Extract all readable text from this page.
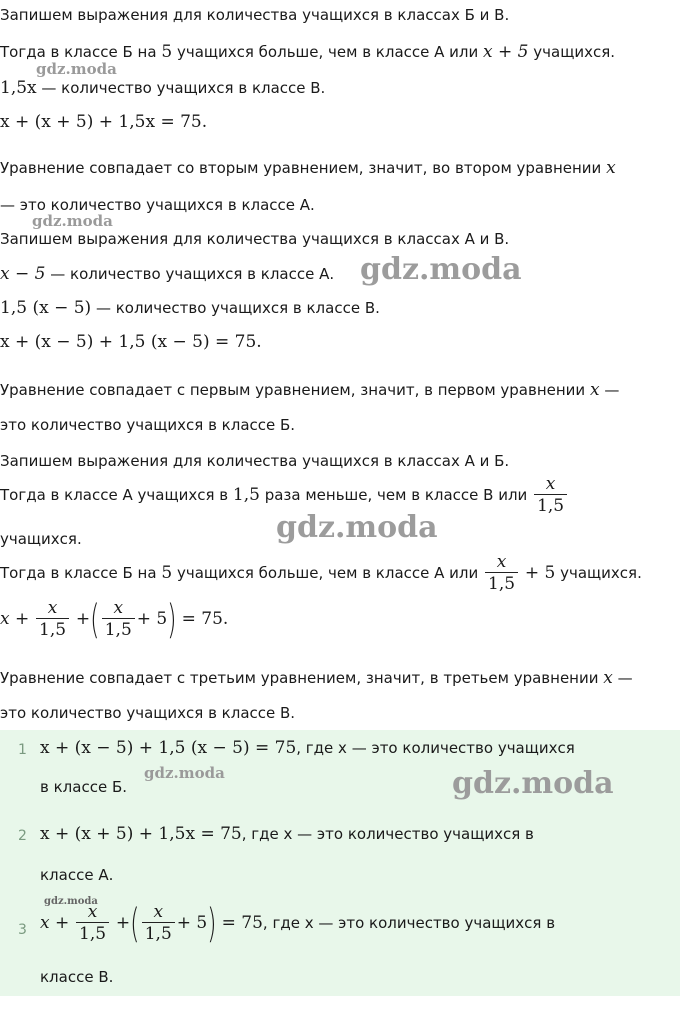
Запишем выражения для количества учащихся в классах Б и В.
Тогда в классе Б на 5 учащихся больше, чем в классе А или x + 5 учащихся.
1,5x — количество учащихся в классе В.
x + (x + 5) + 1,5x = 75.
Уравнение совпадает со вторым уравнением, значит, во втором уравнении x
— это количество учащихся в классе А.
Запишем выражения для количества учащихся в классах А и В.
x − 5 — количество учащихся в классе А.
1,5 (x − 5) — количество учащихся в классе В.
x + (x − 5) + 1,5 (x − 5) = 75.
Уравнение совпадает с первым уравнением, значит, в первом уравнении x —
это количество учащихся в классе Б.
Запишем выражения для количества учащихся в классах А и Б.
Тогда в классе А учащихся в 1,5 раза меньше, чем в классе В или $\frac{x}{1,5}$
учащихся.
Тогда в классе Б на 5 учащихся больше, чем в классе А или $\frac{x}{1,5} + 5$ учащихся.
$x + \frac{x}{1,5}$ +( $\frac{x}{1,5} + 5) = 75$.
Уравнение совпадает с третьим уравнением, значит, в третьем уравнении x —
это количество учащихся в классе В.
1 x + (x − 5) + 1,5 (x − 5) = 75, где x — это количество учащихся
в классе Б.
2 x + (x + 5) + 1,5x = 75, где x — это количество учащихся в
классе А.
3 $x + \frac{x}{1,5}$ +( $\frac{x}{1,5} + 5) = 75$, где x — это количество учащихся в
классе В.
gdz.moda
gdz.moda
gdz.moda
gdz.moda
gdz.moda	gdz.moda
gdz.moda
